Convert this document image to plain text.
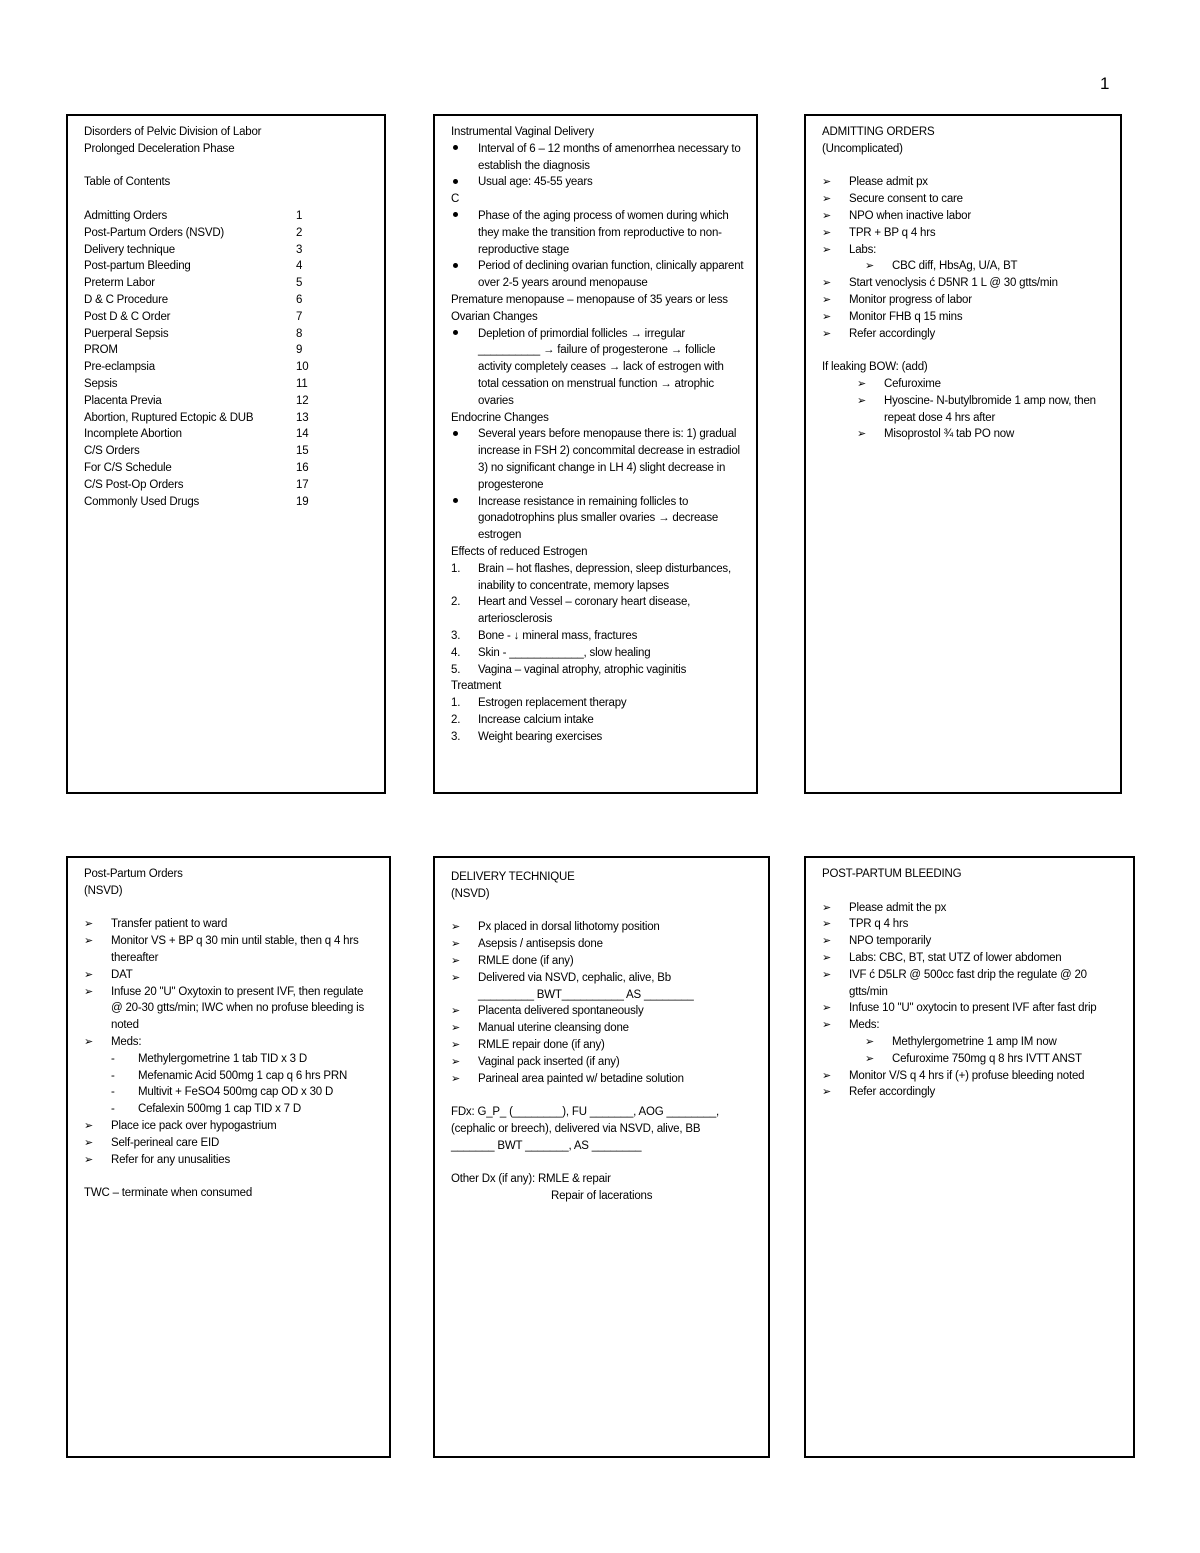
1
Disorders of Pelvic Division of Labor
Prolonged Deceleration Phase
Table of Contents
Admitting Orders	1
Post-Partum Orders (NSVD)	2
Delivery technique	3
Post-partum Bleeding	4
Preterm Labor	5
D & C Procedure	6
Post D & C Order	7
Puerperal Sepsis	8
PROM	9
Pre-eclampsia	10
Sepsis	11
Placenta Previa	12
Abortion, Ruptured Ectopic & DUB	13
Incomplete Abortion	14
C/S Orders	15
For C/S Schedule	16
C/S Post-Op Orders	17
Commonly Used Drugs	19
Instrumental Vaginal Delivery
Interval of 6 – 12 months of amenorrhea necessary to establish the diagnosis
Usual age: 45-55 years
C
Phase of the aging process of women during which they make the transition from reproductive to non-reproductive stage
Period of declining ovarian function, clinically apparent over 2-5 years around menopause
Premature menopause – menopause of 35 years or less
Ovarian Changes
Depletion of primordial follicles → irregular __________ → failure of progesterone → follicle activity completely ceases → lack of estrogen with total cessation on menstrual function → atrophic ovaries
Endocrine Changes
Several years before menopause there is: 1) gradual increase in FSH 2) concommital decrease in estradiol 3) no significant change in LH 4) slight decrease in progesterone
Increase resistance in remaining follicles to gonadotrophins plus smaller ovaries → decrease estrogen
Effects of reduced Estrogen
1.	Brain – hot flashes, depression, sleep disturbances, inability to concentrate, memory lapses
2.	Heart and Vessel – coronary heart disease, arteriosclerosis
3.	Bone - ↓ mineral mass, fractures
4.	Skin - ____________, slow healing
5.	Vagina – vaginal atrophy, atrophic vaginitis
Treatment
1.	Estrogen replacement therapy
2.	Increase calcium intake
3.	Weight bearing exercises
ADMITTING ORDERS
(Uncomplicated)
➢	Please admit px
➢	Secure consent to care
➢	NPO when inactive labor
➢	TPR + BP q 4 hrs
➢	Labs:
➢	CBC diff, HbsAg, U/A, BT
➢	Start venoclysis ć D5NR 1 L @ 30 gtts/min
➢	Monitor progress of labor
➢	Monitor FHB q 15 mins
➢	Refer accordingly
If leaking BOW: (add)
➢	Cefuroxime
➢	Hyoscine- N-butylbromide 1 amp now, then repeat dose 4 hrs after
➢	Misoprostol ¾ tab PO now
Post-Partum Orders
(NSVD)
➢	Transfer patient to ward
➢	Monitor VS + BP q 30 min until stable, then q 4 hrs thereafter
➢	DAT
➢	Infuse 20 "U" Oxytoxin to present IVF, then regulate @ 20-30 gtts/min; IWC when no profuse bleeding is noted
➢	Meds:
-	Methylergometrine 1 tab TID x 3 D
-	Mefenamic Acid 500mg 1 cap q 6 hrs PRN
-	Multivit + FeSO4 500mg cap OD x 30 D
-	Cefalexin 500mg 1 cap TID x 7 D
➢	Place ice pack over hypogastrium
➢	Self-perineal care EID
➢	Refer for any unusalities
TWC – terminate when consumed
DELIVERY TECHNIQUE
(NSVD)
➢	Px placed in dorsal lithotomy position
➢	Asepsis / antisepsis done
➢	RMLE done (if any)
➢	Delivered via NSVD, cephalic, alive, Bb
_________ BWT__________ AS ________
➢	Placenta delivered spontaneously
➢	Manual uterine cleansing done
➢	RMLE repair done (if any)
➢	Vaginal pack inserted (if any)
➢	Parineal area painted w/ betadine solution
FDx: G_P_ (________), FU _______, AOG ________,
(cephalic or breech), delivered via NSVD, alive, BB
_______ BWT _______, AS ________
Other Dx (if any): RMLE & repair
Repair of lacerations
POST-PARTUM BLEEDING
➢	Please admit the px
➢	TPR q 4 hrs
➢	NPO temporarily
➢	Labs: CBC, BT, stat UTZ of lower abdomen
➢	IVF ć D5LR @ 500cc fast drip the regulate @ 20 gtts/min
➢	Infuse 10 "U" oxytocin to present IVF after fast drip
➢	Meds:
➢	Methylergometrine 1 amp IM now
➢	Cefuroxime 750mg q 8 hrs IVTT ANST
➢	Monitor V/S q 4 hrs if (+) profuse bleeding noted
➢	Refer accordingly
